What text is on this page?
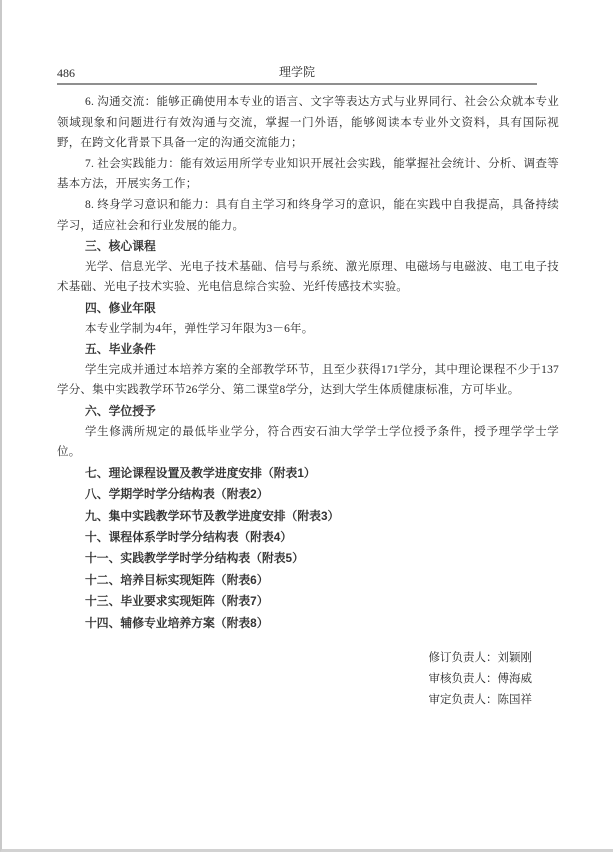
486	理学院

6. 沟通交流：能够正确使用本专业的语言、文字等表达方式与业界同行、社会公众就本专业领域现象和问题进行有效沟通与交流，掌握一门外语，能够阅读本专业外文资料，具有国际视野，在跨文化背景下具备一定的沟通交流能力；

7. 社会实践能力：能有效运用所学专业知识开展社会实践，能掌握社会统计、分析、调查等基本方法，开展实务工作；

8. 终身学习意识和能力：具有自主学习和终身学习的意识，能在实践中自我提高，具备持续学习，适应社会和行业发展的能力。

三、核心课程

光学、信息光学、光电子技术基础、信号与系统、激光原理、电磁场与电磁波、电工电子技术基础、光电子技术实验、光电信息综合实验、光纤传感技术实验。

四、修业年限

本专业学制为4年，弹性学习年限为3－6年。

五、毕业条件

学生完成并通过本培养方案的全部教学环节，且至少获得171学分，其中理论课程不少于137学分、集中实践教学环节26学分、第二课堂8学分，达到大学生体质健康标准，方可毕业。

六、学位授予

学生修满所规定的最低毕业学分，符合西安石油大学学士学位授予条件，授予理学学士学位。

七、理论课程设置及教学进度安排（附表1）
八、学期学时学分结构表（附表2）
九、集中实践教学环节及教学进度安排（附表3）
十、课程体系学时学分结构表（附表4）
十一、实践教学学时学分结构表（附表5）
十二、培养目标实现矩阵（附表6）
十三、毕业要求实现矩阵（附表7）
十四、辅修专业培养方案（附表8）

修订负责人：刘颖刚

审核负责人：傅海威

审定负责人：陈国祥
